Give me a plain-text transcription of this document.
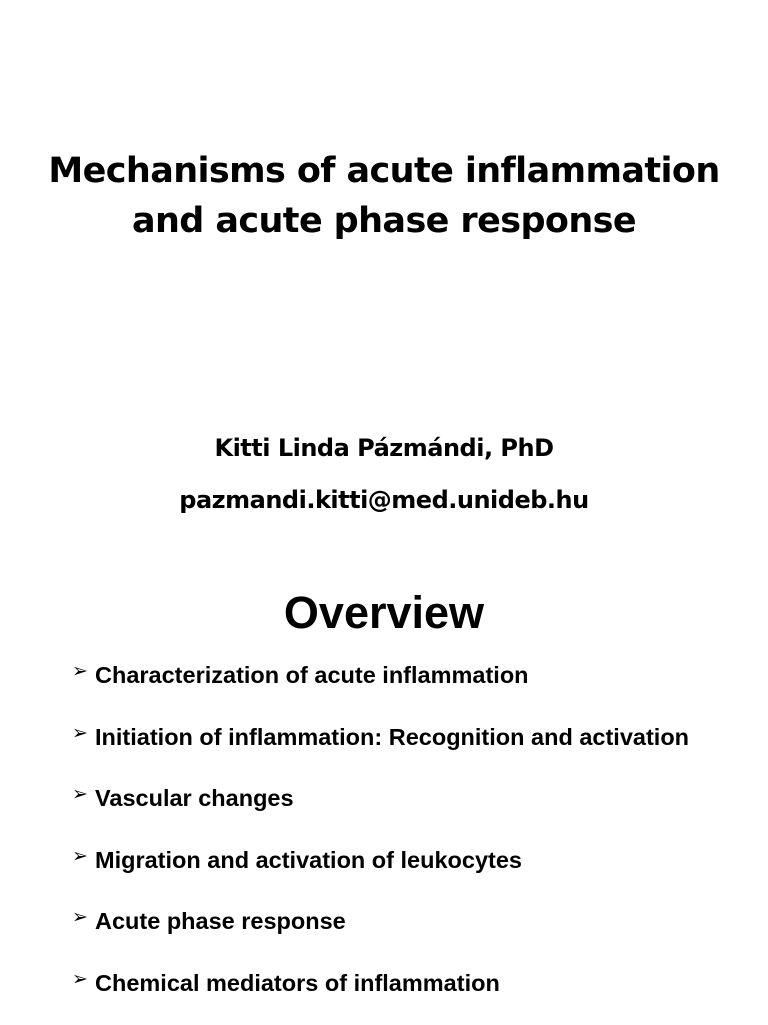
Mechanisms of acute inflammation
and acute phase response

Kitti Linda Pázmándi, PhD

pazmandi.kitti@med.unideb.hu

Overview
➢ Characterization of acute inflammation
➢ Initiation of inflammation: Recognition and activation
➢ Vascular changes
➢ Migration and activation of leukocytes
➢ Acute phase response
➢ Chemical mediators of inflammation
